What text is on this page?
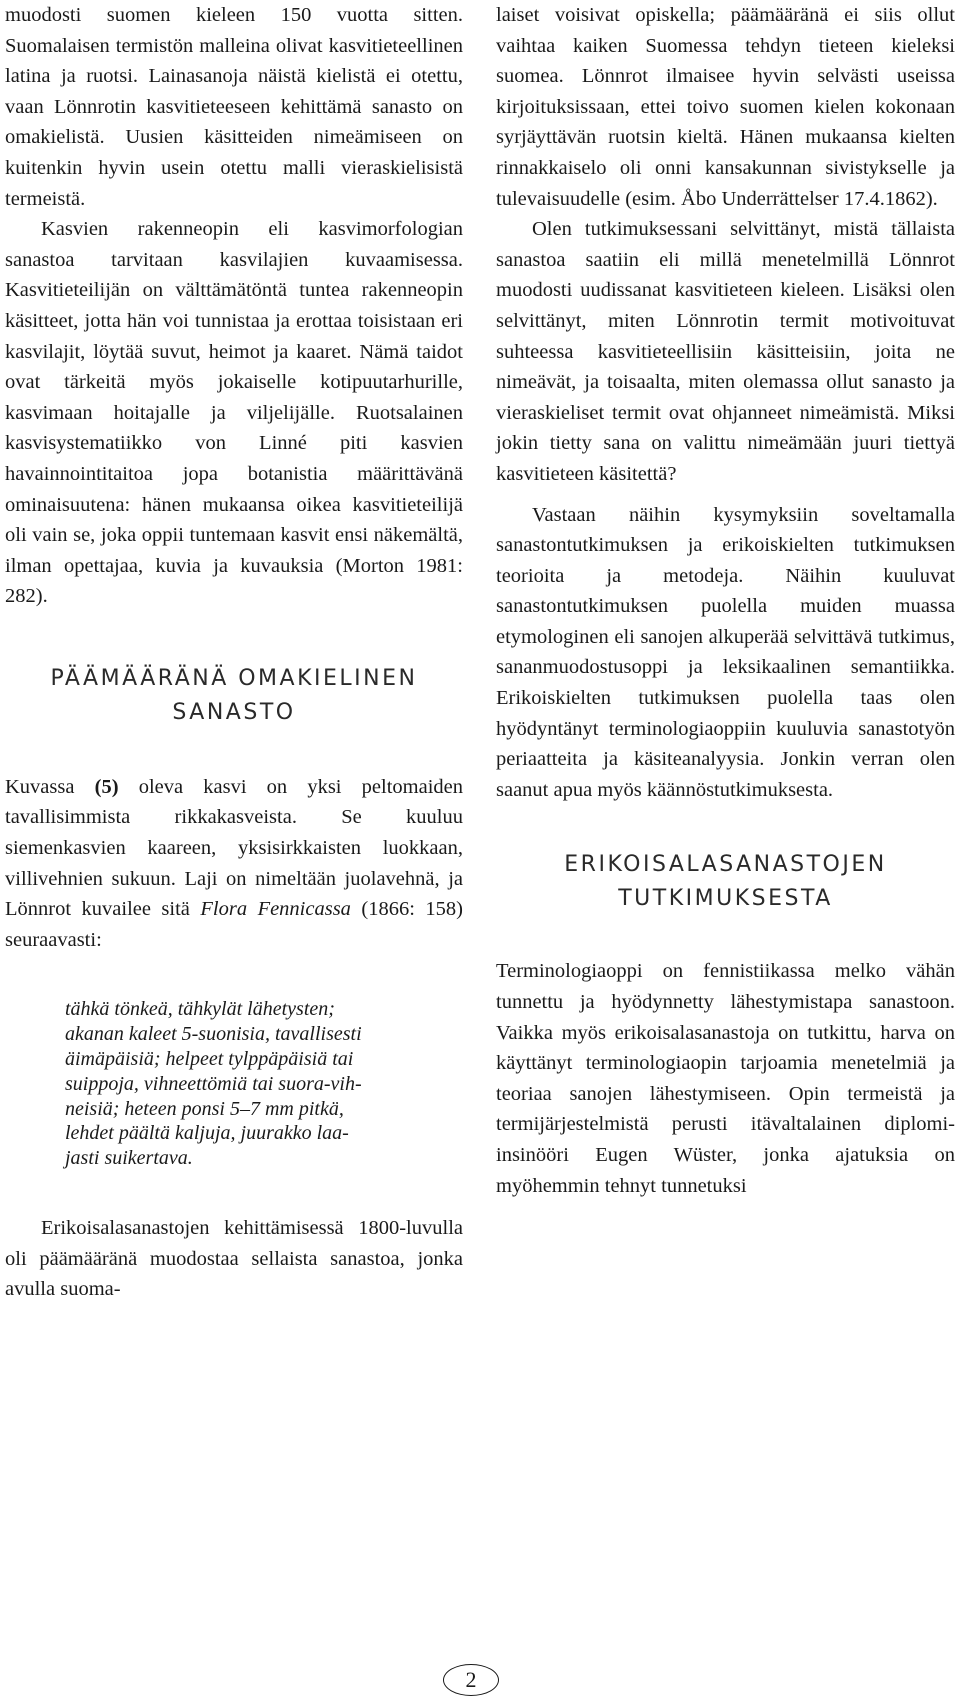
muodosti suomen kieleen 150 vuotta sitten. Suomalaisen termistön malleina olivat kasvitieteellinen latina ja ruotsi. Lainasanoja näistä kielistä ei otettu, vaan Lönnrotin kasvitieteeseen kehittämä sanasto on omakielistä. Uusien käsitteiden nimeämiseen on kuitenkin hyvin usein otettu malli vieraskielisistä termeistä.

Kasvien rakenneopin eli kasvimorfologian sanastoa tarvitaan kasvilajien kuvaamisessa. Kasvitieteilijän on välttämätöntä tuntea rakenneopin käsitteet, jotta hän voi tunnistaa ja erottaa toisistaan eri kasvilajit, löytää suvut, heimot ja kaaret. Nämä taidot ovat tärkeitä myös jokaiselle kotipuutarhurille, kasvimaan hoitajalle ja viljelijälle. Ruotsalainen kasvisystematiikko von Linné piti kasvien havainnointitaitoa jopa botanistia määrittävänä ominaisuutena: hänen mukaansa oikea kasvitieteilijä oli vain se, joka oppii tuntemaan kasvit ensi näkemältä, ilman opettajaa, kuvia ja kuvauksia (Morton 1981: 282).

PÄÄMÄÄRÄNÄ OMAKIELINEN SANASTO

Kuvassa (5) oleva kasvi on yksi peltomaiden tavallisimmista rikkakasveista. Se kuuluu siemenkasvien kaareen, yksisirkkaisten luokkaan, villivehnien sukuun. Laji on nimeltään juolavehnä, ja Lönnrot kuvailee sitä Flora Fennicassa (1866: 158) seuraavasti:

tähkä tönkeä, tähkylät lähetysten;
akanan kaleet 5-suonisia, tavallisesti
äimäpäisiä; helpeet tylppäpäisiä tai
suippoja, vihneettömiä tai suora-vih-
neisiä; heteen ponsi 5–7 mm pitkä,
lehdet päältä kaljuja, juurakko laa-
jasti suikertava.

Erikoisalasanastojen kehittämisessä 1800-luvulla oli päämääränä muodostaa sellaista sanastoa, jonka avulla suoma-

laiset voisivat opiskella; päämääränä ei siis ollut vaihtaa kaiken Suomessa tehdyn tieteen kieleksi suomea. Lönnrot ilmaisee hyvin selvästi useissa kirjoituksissaan, ettei toivo suomen kielen kokonaan syrjäyttävän ruotsin kieltä. Hänen mukaansa kielten rinnakkaiselo oli onni kansakunnan sivistykselle ja tulevaisuudelle (esim. Åbo Underrättelser 17.4.1862).

Olen tutkimuksessani selvittänyt, mistä tällaista sanastoa saatiin eli millä menetelmillä Lönnrot muodosti uudissanat kasvitieteen kieleen. Lisäksi olen selvittänyt, miten Lönnrotin termit motivoituvat suhteessa kasvitieteellisiin käsitteisiin, joita ne nimeävät, ja toisaalta, miten olemassa ollut sanasto ja vieraskieliset termit ovat ohjanneet nimeämistä. Miksi jokin tietty sana on valittu nimeämään juuri tiettyä kasvitieteen käsitettä?

Vastaan näihin kysymyksiin soveltamalla sanastontutkimuksen ja erikoiskielten tutkimuksen teorioita ja metodeja. Näihin kuuluvat sanastontutkimuksen puolella muiden muassa etymologinen eli sanojen alkuperää selvittävä tutkimus, sananmuodostusoppi ja leksikaalinen semantiikka. Erikoiskielten tutkimuksen puolella taas olen hyödyntänyt terminologiaoppiin kuuluvia sanastotyön periaatteita ja käsiteanalyysia. Jonkin verran olen saanut apua myös käännöstutkimuksesta.

ERIKOISALASANASTOJEN TUTKIMUKSESTA

Terminologiaoppi on fennistiikassa melko vähän tunnettu ja hyödynnetty lähestymistapa sanastoon. Vaikka myös erikoisalasanastoja on tutkittu, harva on käyttänyt terminologiaopin tarjoamia menetelmiä ja teoriaa sanojen lähestymiseen. Opin termeistä ja termijärjestelmistä perusti itävaltalainen diplomi-insinööri Eugen Wüster, jonka ajatuksia on myöhemmin tehnyt tunnetuksi

2
